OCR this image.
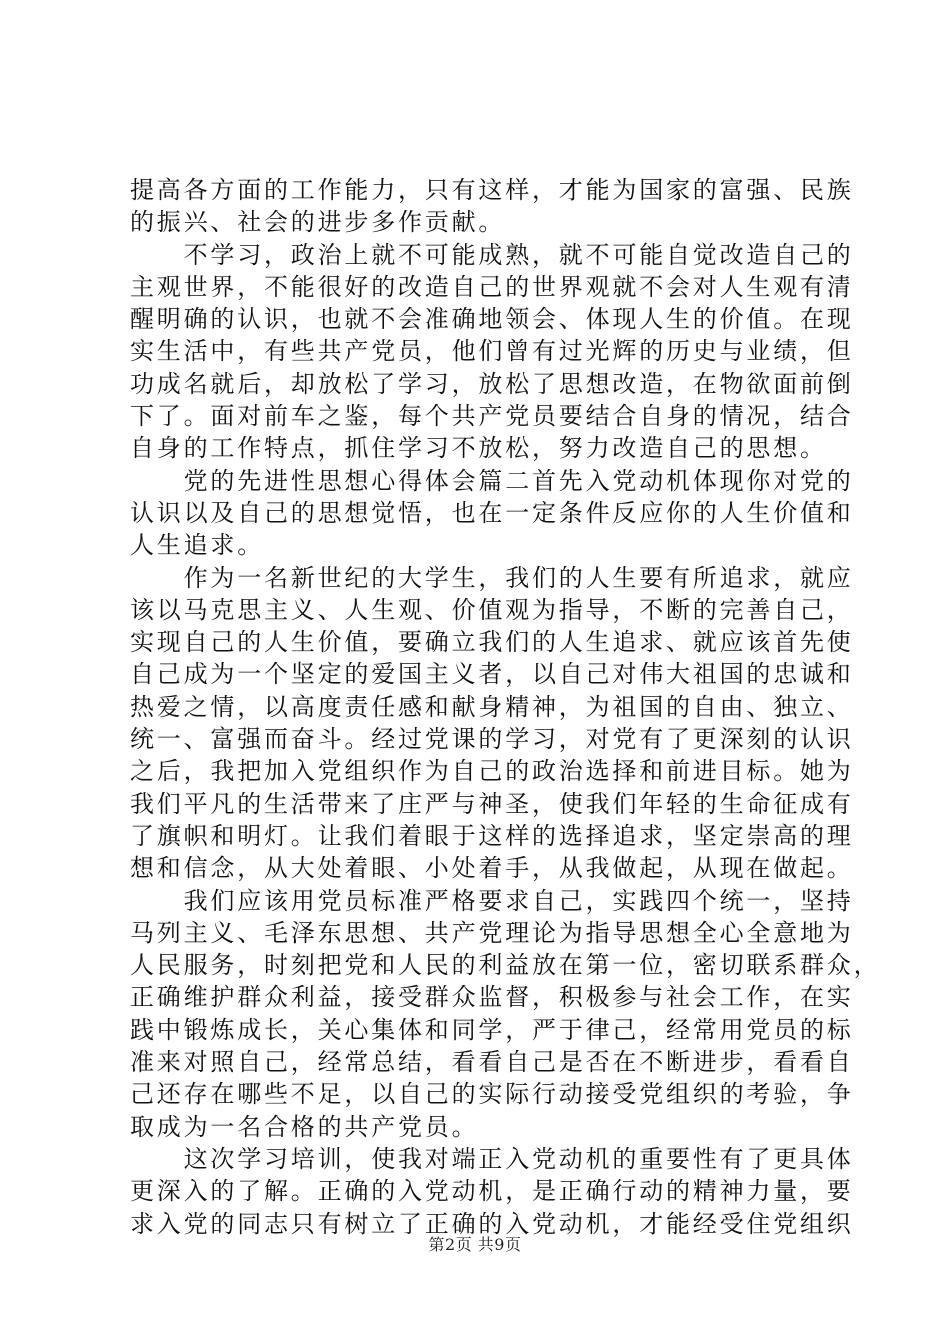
提高各方面的工作能力，只有这样，才能为国家的富强、民族
的振兴、社会的进步多作贡献。
　　不学习，政治上就不可能成熟，就不可能自觉改造自己的
主观世界，不能很好的改造自己的世界观就不会对人生观有清
醒明确的认识，也就不会准确地领会、体现人生的价值。在现
实生活中，有些共产党员，他们曾有过光辉的历史与业绩，但
功成名就后，却放松了学习，放松了思想改造，在物欲面前倒
下了。面对前车之鉴，每个共产党员要结合自身的情况，结合
自身的工作特点，抓住学习不放松，努力改造自己的思想。
　　党的先进性思想心得体会篇二首先入党动机体现你对党的
认识以及自己的思想觉悟，也在一定条件反应你的人生价值和
人生追求。
　　作为一名新世纪的大学生，我们的人生要有所追求，就应
该以马克思主义、人生观、价值观为指导，不断的完善自己，
实现自己的人生价值，要确立我们的人生追求、就应该首先使
自己成为一个坚定的爱国主义者，以自己对伟大祖国的忠诚和
热爱之情，以高度责任感和献身精神，为祖国的自由、独立、
统一、富强而奋斗。经过党课的学习，对党有了更深刻的认识
之后，我把加入党组织作为自己的政治选择和前进目标。她为
我们平凡的生活带来了庄严与神圣，使我们年轻的生命征成有
了旗帜和明灯。让我们着眼于这样的选择追求，坚定崇高的理
想和信念，从大处着眼、小处着手，从我做起，从现在做起。
　　我们应该用党员标准严格要求自己，实践四个统一，坚持
马列主义、毛泽东思想、共产党理论为指导思想全心全意地为
人民服务，时刻把党和人民的利益放在第一位，密切联系群众，
正确维护群众利益，接受群众监督，积极参与社会工作，在实
践中锻炼成长，关心集体和同学，严于律己，经常用党员的标
准来对照自己，经常总结，看看自己是否在不断进步，看看自
己还存在哪些不足，以自己的实际行动接受党组织的考验，争
取成为一名合格的共产党员。
　　这次学习培训，使我对端正入党动机的重要性有了更具体
更深入的了解。正确的入党动机，是正确行动的精神力量，要
求入党的同志只有树立了正确的入党动机，才能经受住党组织
第2页 共9页
